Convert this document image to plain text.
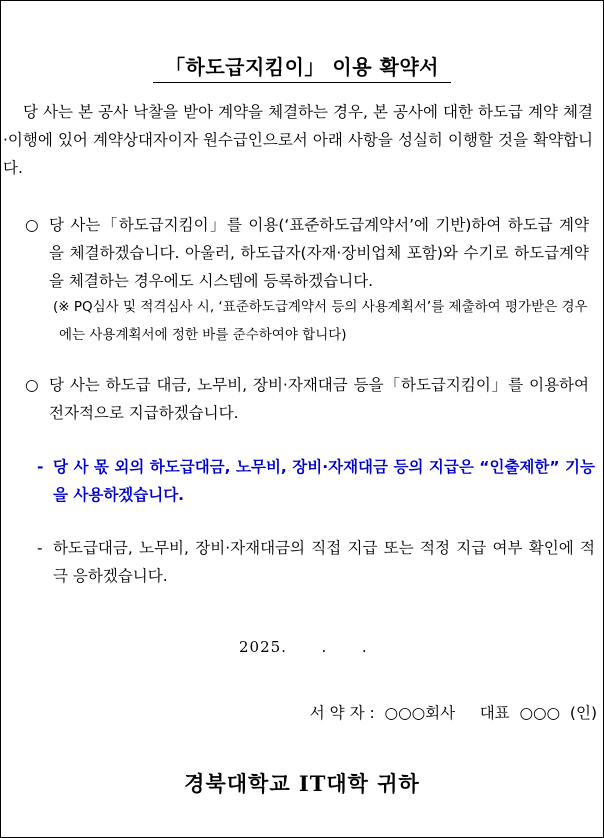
「하도급지킴이」 이용 확약서
당 사는 본 공사 낙찰을 받아 계약을 체결하는 경우, 본 공사에 대한 하도급 계약 체결·이행에 있어 계약상대자이자 원수급인으로서 아래 사항을 성실히 이행할 것을 확약합니다.
○ 당 사는「하도급지킴이」를 이용(‘표준하도급계약서’에 기반)하여 하도급 계약을 체결하겠습니다. 아울러, 하도급자(자재·장비업체 포함)와 수기로 하도급계약을 체결하는 경우에도 시스템에 등록하겠습니다.
(※ PQ심사 및 적격심사 시, ‘표준하도급계약서 등의 사용계획서’를 제출하여 평가받은 경우에는 사용계획서에 정한 바를 준수하여야 합니다)
○ 당 사는 하도급 대금, 노무비, 장비·자재대금 등을「하도급지킴이」를 이용하여 전자적으로 지급하겠습니다.
- 당 사 몫 외의 하도급대금, 노무비, 장비·자재대금 등의 지급은 “인출제한” 기능을 사용하겠습니다.
- 하도급대금, 노무비, 장비·자재대금의 직접 지급 또는 적정 지급 여부 확인에 적극 응하겠습니다.
2025.      .      .
서 약 자 :  ○○○회사     대표  ○○○  (인)
경북대학교 IT대학 귀하
